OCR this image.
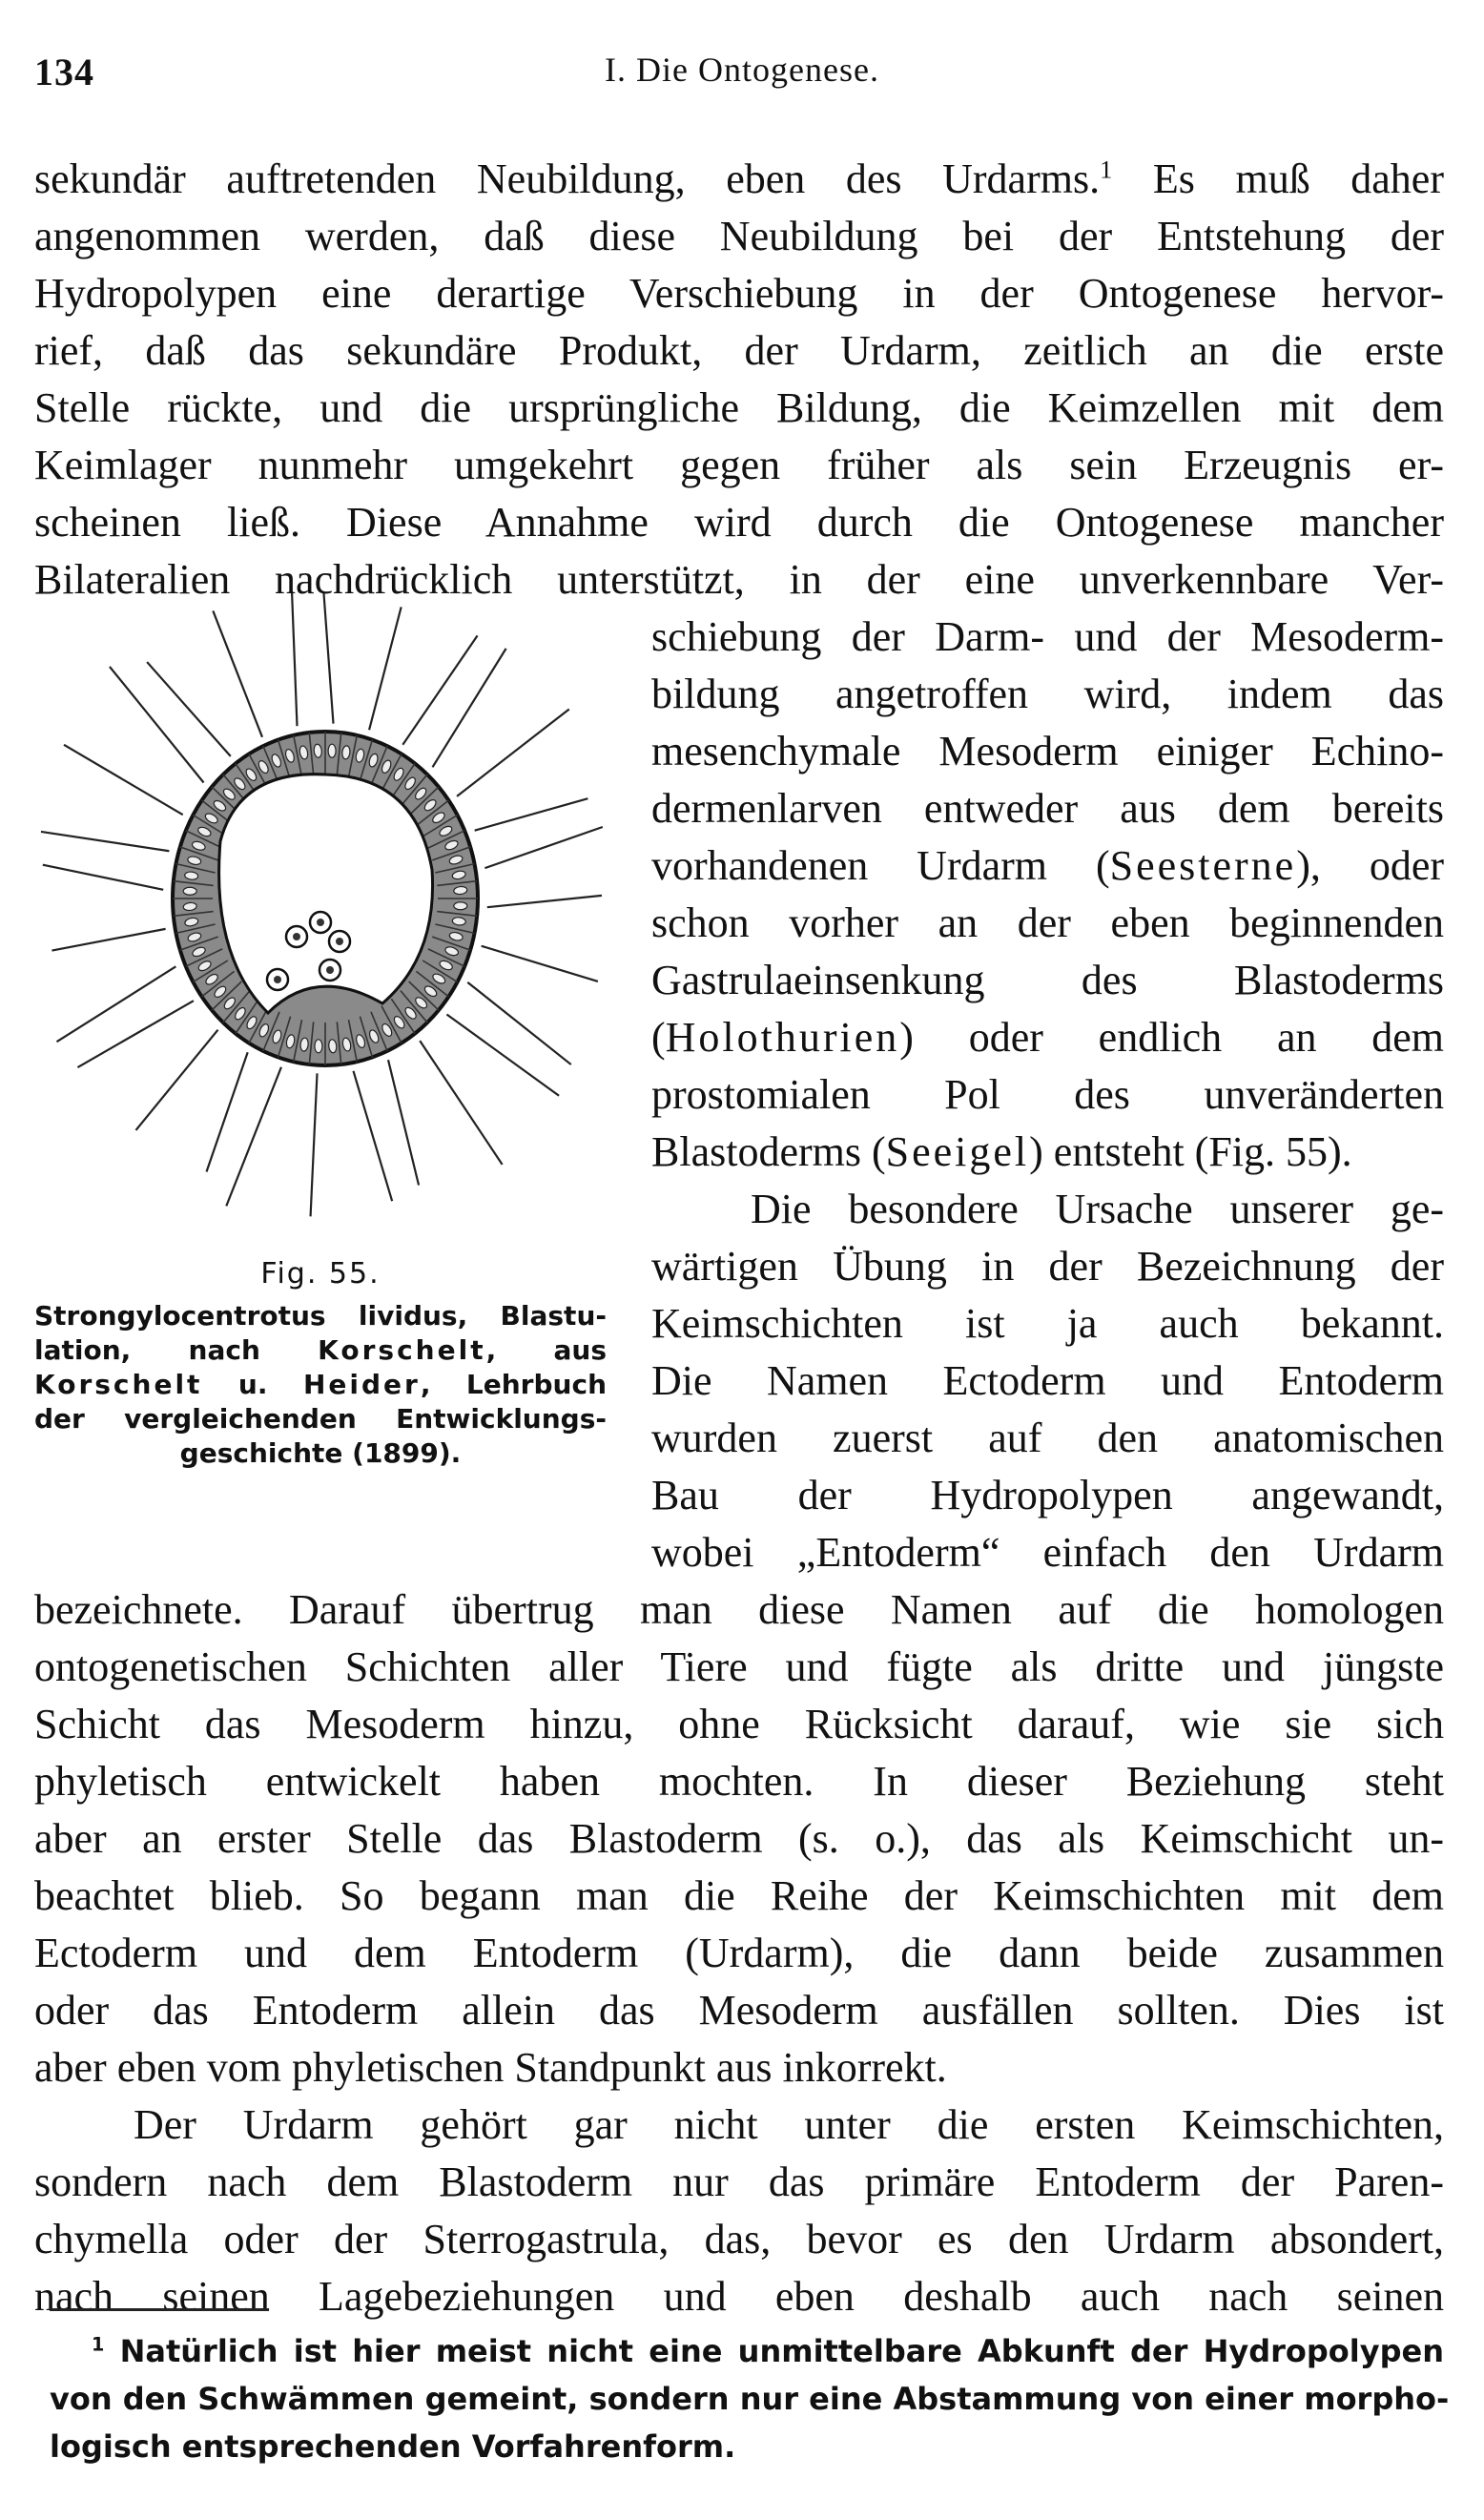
134	I. Die Ontogenese.
sekundär auftretenden Neubildung, eben des Urdarms.$^1$ Es muß daher
angenommen werden, daß diese Neubildung bei der Entstehung der
Hydropolypen eine derartige Verschiebung in der Ontogenese hervor-
rief, daß das sekundäre Produkt, der Urdarm, zeitlich an die erste
Stelle rückte, und die ursprüngliche Bildung, die Keimzellen mit dem
Keimlager nunmehr umgekehrt gegen früher als sein Erzeugnis er-
scheinen ließ. Diese Annahme wird durch die Ontogenese mancher
Bilateralien nachdrücklich unterstützt, in der eine unverkennbare Ver-
Fig. 55.
Strongylocentrotus lividus, Blastu-
lation, nach Korschelt, aus
Korschelt u. Heider, Lehrbuch
der vergleichenden Entwicklungs-
geschichte (1899).
schiebung der Darm- und der Mesoderm-
bildung angetroffen wird, indem das
mesenchymale Mesoderm einiger Echino-
dermenlarven entweder aus dem bereits
vorhandenen Urdarm (Seesterne), oder
schon vorher an der eben beginnenden
Gastrulaeinsenkung des Blastoderms
(Holothurien) oder endlich an dem
prostomialen Pol des unveränderten
Blastoderms (Seeigel) entsteht (Fig. 55).
Die besondere Ursache unserer ge-
wärtigen Übung in der Bezeichnung der
Keimschichten ist ja auch bekannt.
Die Namen Ectoderm und Entoderm
wurden zuerst auf den anatomischen
Bau der Hydropolypen angewandt,
wobei „Entoderm“ einfach den Urdarm
bezeichnete. Darauf übertrug man diese Namen auf die homologen
ontogenetischen Schichten aller Tiere und fügte als dritte und jüngste
Schicht das Mesoderm hinzu, ohne Rücksicht darauf, wie sie sich
phyletisch entwickelt haben mochten. In dieser Beziehung steht
aber an erster Stelle das Blastoderm (s. o.), das als Keimschicht un-
beachtet blieb. So begann man die Reihe der Keimschichten mit dem
Ectoderm und dem Entoderm (Urdarm), die dann beide zusammen
oder das Entoderm allein das Mesoderm ausfällen sollten. Dies ist
aber eben vom phyletischen Standpunkt aus inkorrekt.
Der Urdarm gehört gar nicht unter die ersten Keimschichten,
sondern nach dem Blastoderm nur das primäre Entoderm der Paren-
chymella oder der Sterrogastrula, das, bevor es den Urdarm absondert,
nach seinen Lagebeziehungen und eben deshalb auch nach seinen
$^1$ Natürlich ist hier meist nicht eine unmittelbare Abkunft der Hydropolypen
von den Schwämmen gemeint, sondern nur eine Abstammung von einer morpho-
logisch entsprechenden Vorfahrenform.
